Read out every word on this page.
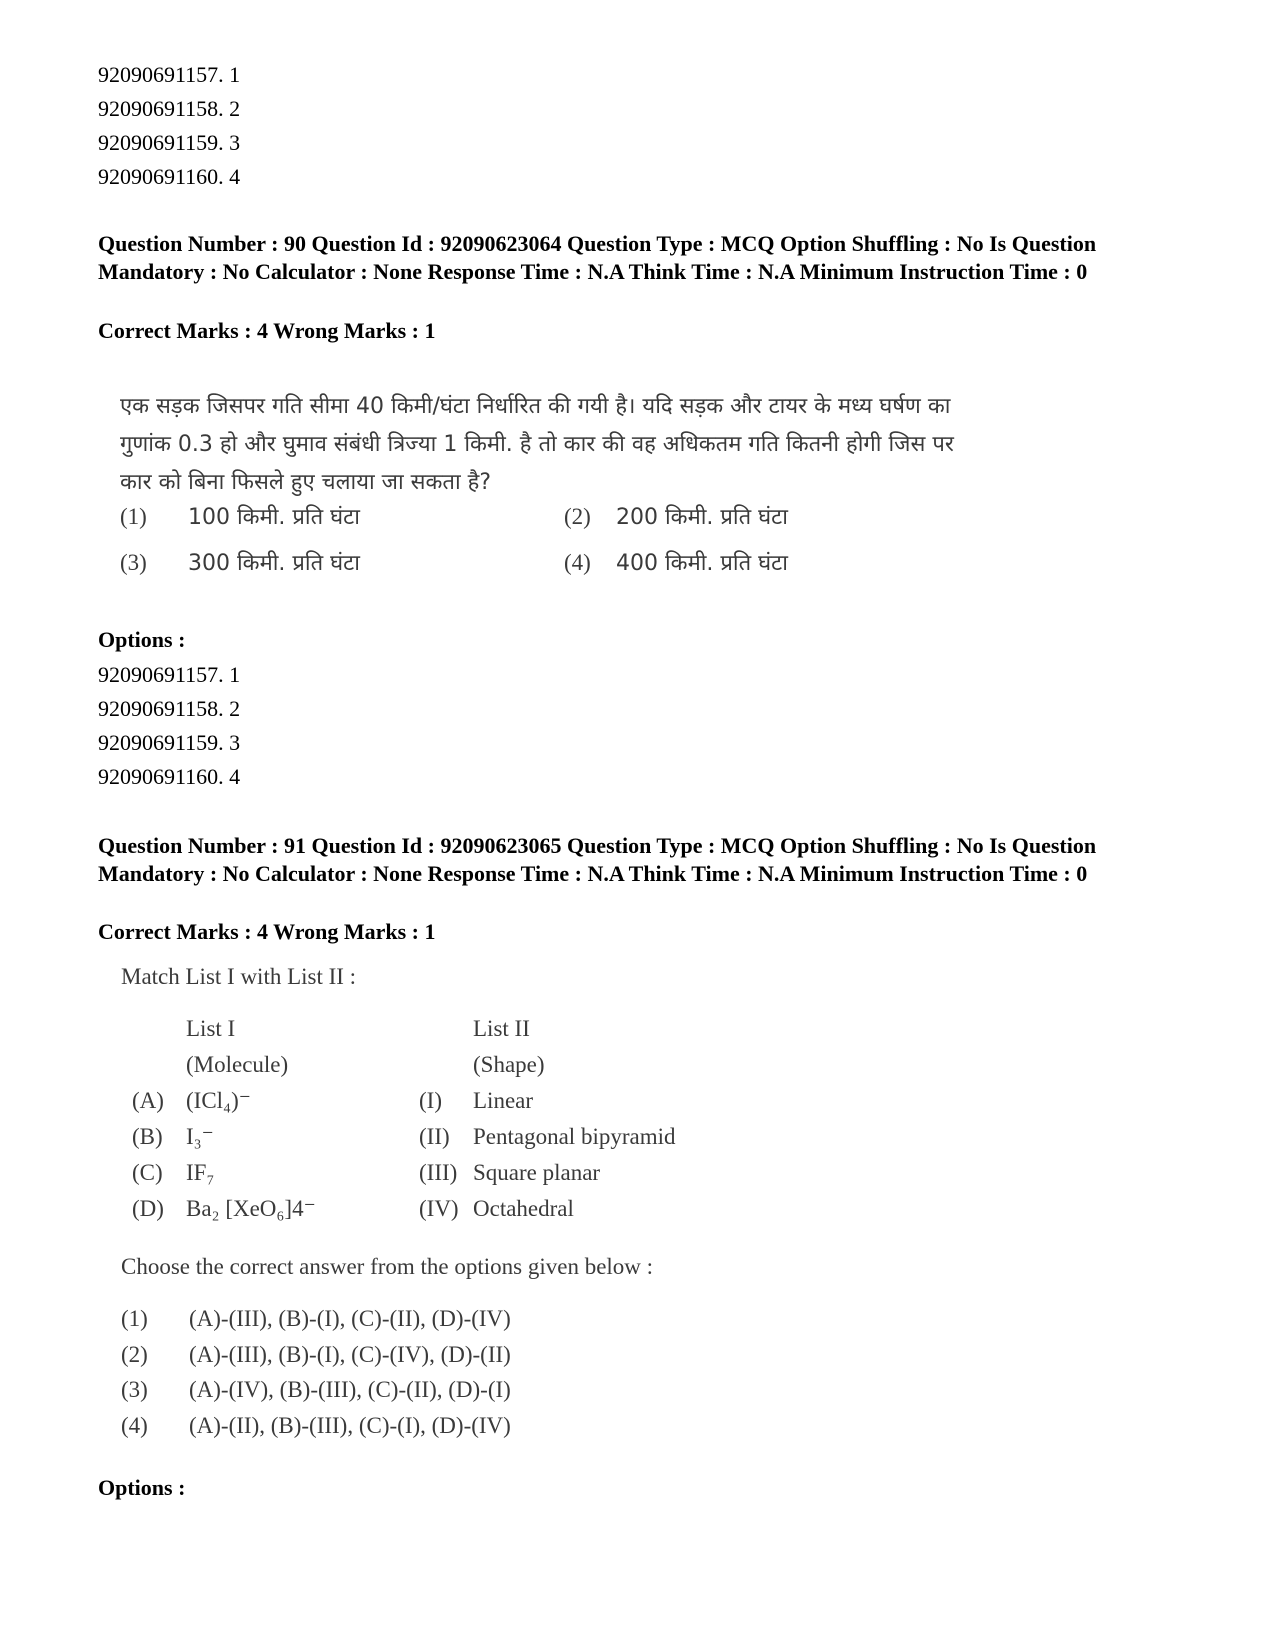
92090691157. 1
92090691158. 2
92090691159. 3
92090691160. 4
Question Number : 90 Question Id : 92090623064 Question Type : MCQ Option Shuffling : No Is Question Mandatory : No Calculator : None Response Time : N.A Think Time : N.A Minimum Instruction Time : 0
Correct Marks : 4 Wrong Marks : 1
एक सड़क जिसपर गति सीमा 40 किमी/घंटा निर्धारित की गयी है। यदि सड़क और टायर के मध्य घर्षण का
गुणांक 0.3 हो और घुमाव संबंधी त्रिज्या 1 किमी. है तो कार की वह अधिकतम गति कितनी होगी जिस पर
कार को बिना फिसले हुए चलाया जा सकता है?
(1) 100 किमी. प्रति घंटा	(2) 200 किमी. प्रति घंटा
(3) 300 किमी. प्रति घंटा	(4) 400 किमी. प्रति घंटा
Options :
92090691157. 1
92090691158. 2
92090691159. 3
92090691160. 4
Question Number : 91 Question Id : 92090623065 Question Type : MCQ Option Shuffling : No Is Question Mandatory : No Calculator : None Response Time : N.A Think Time : N.A Minimum Instruction Time : 0
Correct Marks : 4 Wrong Marks : 1
Match List I with List II :
List I	List II
(Molecule)	(Shape)
(A) (ICl₄)⁻	(I) Linear
(B) I₃⁻	(II) Pentagonal bipyramid
(C) IF₇	(III) Square planar
(D) Ba₂ [XeO₆]4⁻	(IV) Octahedral
Choose the correct answer from the options given below :
(1) (A)-(III), (B)-(I), (C)-(II), (D)-(IV)
(2) (A)-(III), (B)-(I), (C)-(IV), (D)-(II)
(3) (A)-(IV), (B)-(III), (C)-(II), (D)-(I)
(4) (A)-(II), (B)-(III), (C)-(I), (D)-(IV)
Options :
